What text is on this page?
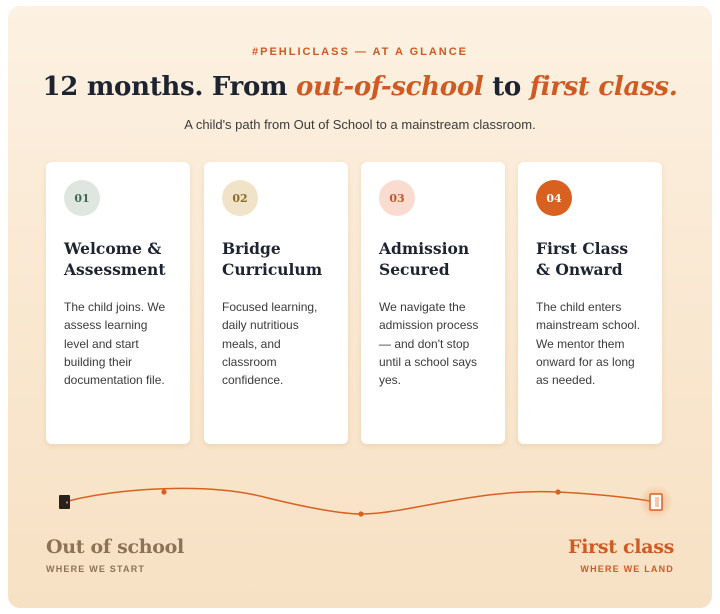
#PEHLICLASS — AT A GLANCE
12 months. From out-of-school to first class.
A child's path from Out of School to a mainstream classroom.
01
Welcome &
Assessment
The child joins. We assess learning level and start building their documentation file.
02
Bridge
Curriculum
Focused learning, daily nutritious meals, and classroom confidence.
03
Admission
Secured
We navigate the admission process — and don't stop until a school says yes.
04
First Class
& Onward
The child enters mainstream school. We mentor them onward for as long as needed.
Out of school
WHERE WE START
First class
WHERE WE LAND
